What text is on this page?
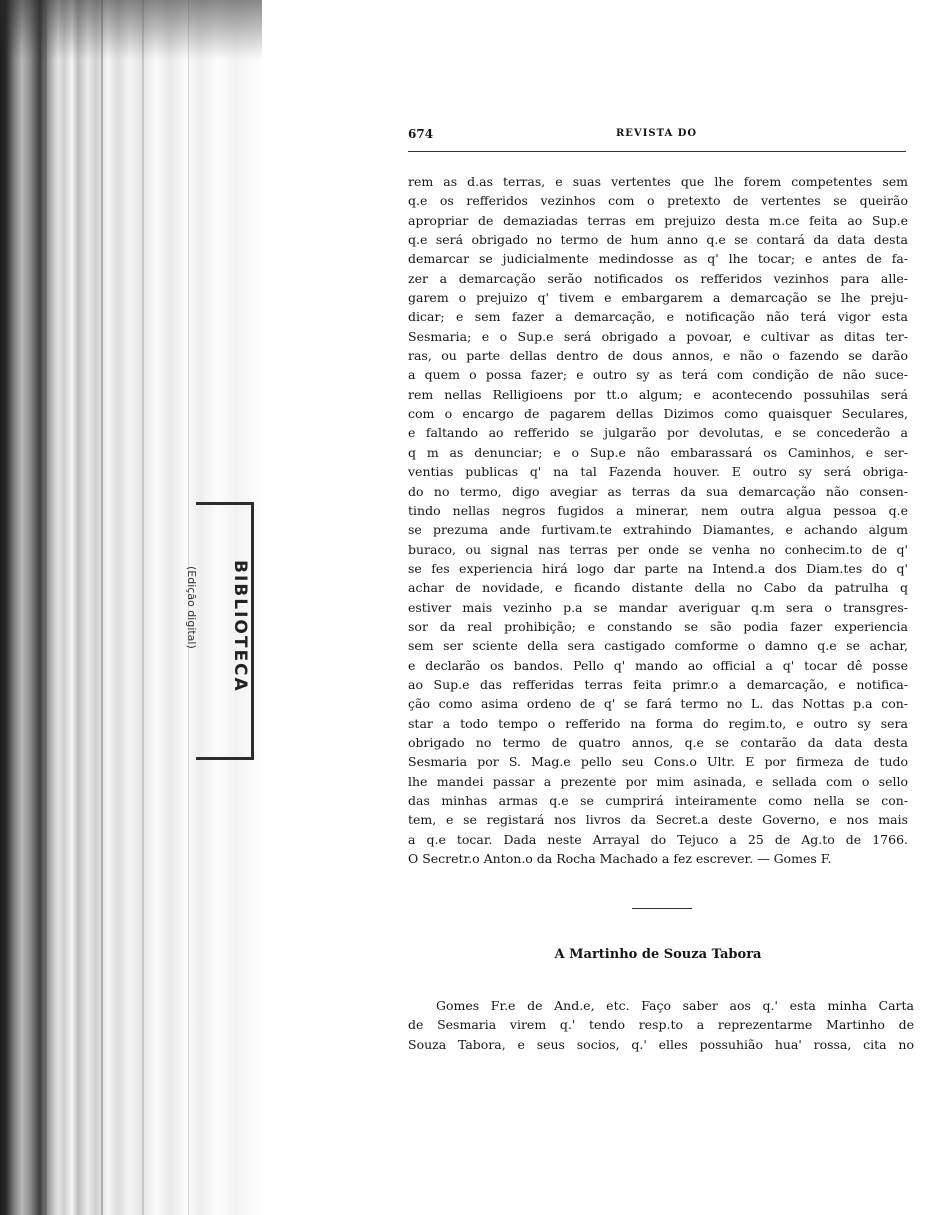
BIBLIOTECA
(Edição digital)
674	REVISTA DO
rem as d.as terras, e suas vertentes que lhe forem competentes sem
q.e os refferidos vezinhos com o pretexto de vertentes se queirão
apropriar de demaziadas terras em prejuizo desta m.ce feita ao Sup.e
q.e será obrigado no termo de hum anno q.e se contará da data desta
demarcar se judicialmente medindosse as q' lhe tocar; e antes de fa-
zer a demarcação serão notificados os refferidos vezinhos para alle-
garem o prejuizo q' tivem e embargarem a demarcação se lhe preju-
dicar; e sem fazer a demarcação, e notificação não terá vigor esta
Sesmaria; e o Sup.e será obrigado a povoar, e cultivar as ditas ter-
ras, ou parte dellas dentro de dous annos, e não o fazendo se darão
a quem o possa fazer; e outro sy as terá com condição de não suce-
rem nellas Relligioens por tt.o algum; e acontecendo possuhilas será
com o encargo de pagarem dellas Dizimos como quaisquer Seculares,
e faltando ao refferido se julgarão por devolutas, e se concederão a
q m as denunciar; e o Sup.e não embarassará os Caminhos, e ser-
ventias publicas q' na tal Fazenda houver. E outro sy será obriga-
do no termo, digo avegiar as terras da sua demarcação não consen-
tindo nellas negros fugidos a minerar, nem outra algua pessoa q.e
se prezuma ande furtivam.te extrahindo Diamantes, e achando algum
buraco, ou signal nas terras per onde se venha no conhecim.to de q'
se fes experiencia hirá logo dar parte na Intend.a dos Diam.tes do q'
achar de novidade, e ficando distante della no Cabo da patrulha q
estiver mais vezinho p.a se mandar averiguar q.m sera o transgres-
sor da real prohibição; e constando se são podia fazer experiencia
sem ser sciente della sera castigado comforme o damno q.e se achar,
e declarão os bandos. Pello q' mando ao official a q' tocar dê posse
ao Sup.e das refferidas terras feita primr.o a demarcação, e notifica-
ção como asima ordeno de q' se fará termo no L. das Nottas p.a con-
star a todo tempo o refferido na forma do regim.to, e outro sy sera
obrigado no termo de quatro annos, q.e se contarão da data desta
Sesmaria por S. Mag.e pello seu Cons.o Ultr. E por firmeza de tudo
lhe mandei passar a prezente por mim asinada, e sellada com o sello
das minhas armas q.e se cumprirá inteiramente como nella se con-
tem, e se registará nos livros da Secret.a deste Governo, e nos mais
a q.e tocar. Dada neste Arrayal do Tejuco a 25 de Ag.to de 1766.
O Secretr.o Anton.o da Rocha Machado a fez escrever. — Gomes F.
A Martinho de Souza Tabora
Gomes Fr.e de And.e, etc. Faço saber aos q.' esta minha Carta
de Sesmaria virem q.' tendo resp.to a reprezentarme Martinho de
Souza Tabora, e seus socios, q.' elles possuhião hua' rossa, cita no
